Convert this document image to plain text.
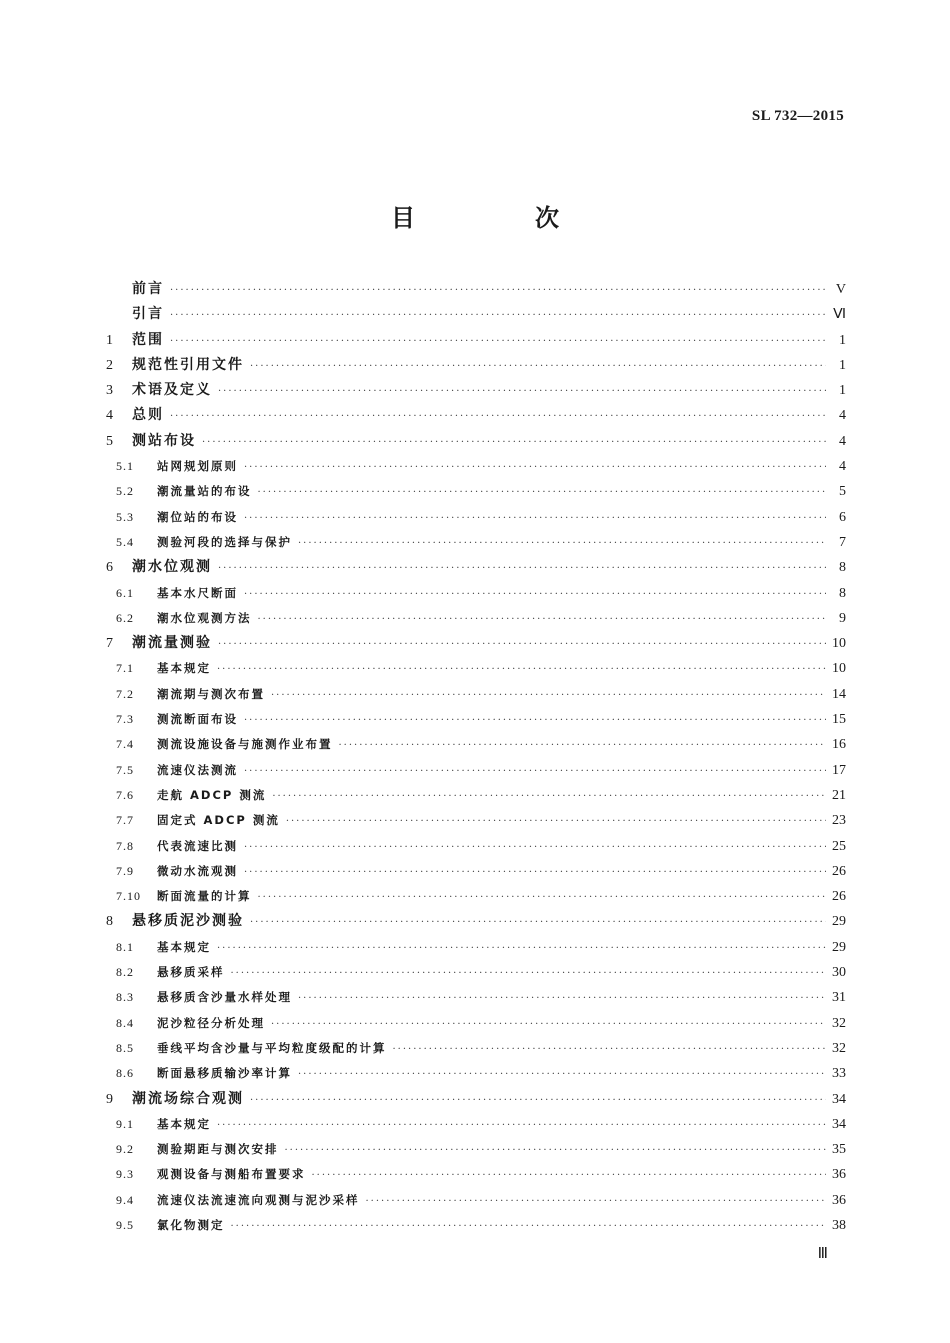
SL 732—2015
目　次
前言 ·····	V
引言 ·····	Ⅵ
1	范围 ·····	1
2	规范性引用文件 ·····	1
3	术语及定义 ·····	1
4	总则 ·····	4
5	测站布设 ·····	4
5.1	站网规划原则 ·····	4
5.2	潮流量站的布设 ·····	5
5.3	潮位站的布设 ·····	6
5.4	测验河段的选择与保护 ·····	7
6	潮水位观测 ·····	8
6.1	基本水尺断面 ·····	8
6.2	潮水位观测方法 ·····	9
7	潮流量测验 ·····	10
7.1	基本规定 ·····	10
7.2	潮流期与测次布置 ·····	14
7.3	测流断面布设 ·····	15
7.4	测流设施设备与施测作业布置 ·····	16
7.5	流速仪法测流 ·····	17
7.6	走航 ADCP 测流 ·····	21
7.7	固定式 ADCP 测流 ·····	23
7.8	代表流速比测 ·····	25
7.9	微动水流观测 ·····	26
7.10	断面流量的计算 ·····	26
8	悬移质泥沙测验 ·····	29
8.1	基本规定 ·····	29
8.2	悬移质采样 ·····	30
8.3	悬移质含沙量水样处理 ·····	31
8.4	泥沙粒径分析处理 ·····	32
8.5	垂线平均含沙量与平均粒度级配的计算 ·····	32
8.6	断面悬移质输沙率计算 ·····	33
9	潮流场综合观测 ·····	34
9.1	基本规定 ·····	34
9.2	测验期距与测次安排 ·····	35
9.3	观测设备与测船布置要求 ·····	36
9.4	流速仪法流速流向观测与泥沙采样 ·····	36
9.5	氯化物测定 ·····	38
Ⅲ
